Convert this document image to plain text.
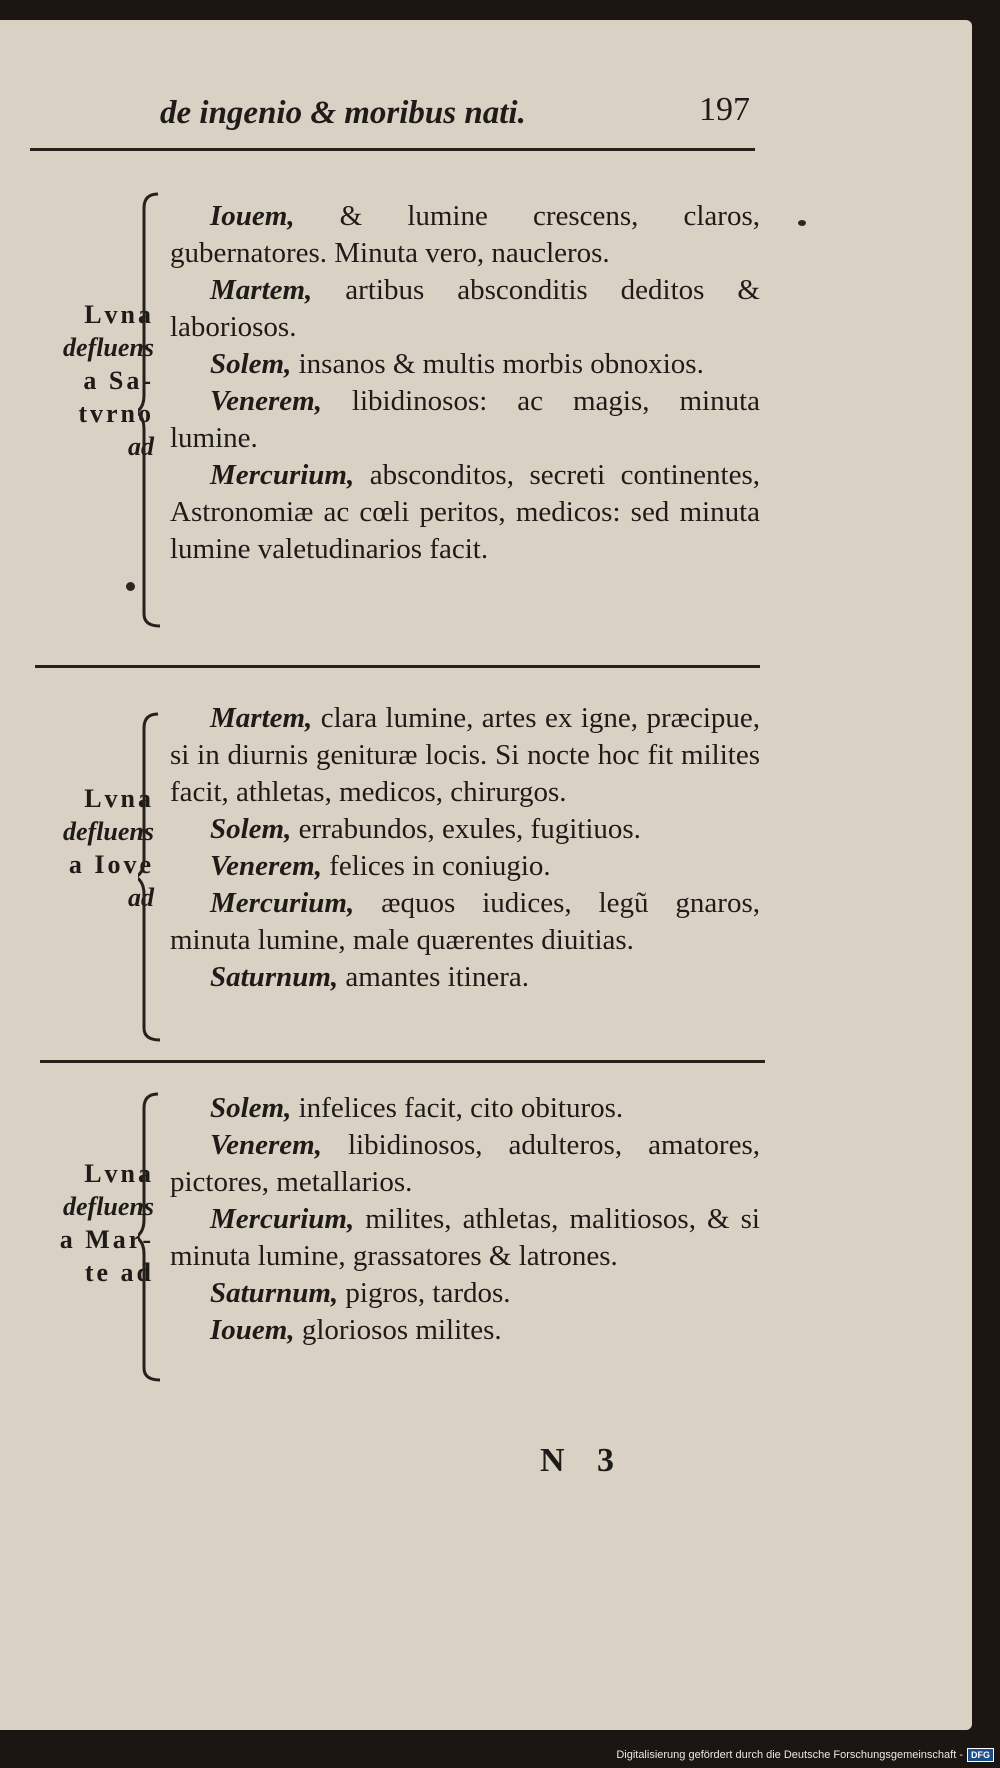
de ingenio & moribus nati.	197
Lvna
defluens
a Sa-
tvrno
ad

Iouem, & lumine crescens, claros, gubernatores. Minuta vero, naucleros.

Martem, artibus absconditis deditos & laboriosos.

Solem, insanos & multis morbis obnoxios.

Venerem, libidinosos: ac magis, minuta lumine.

Mercurium, absconditos, secreti continentes, Astronomiæ ac cœli peritos, medicos: sed minuta lumine valetudinarios facit.

Lvna
defluens
a Iove
ad

Martem, clara lumine, artes ex igne, præcipue, si in diurnis genituræ locis. Si nocte hoc fit milites facit, athletas, medicos, chirurgos.

Solem, errabundos, exules, fugitiuos.

Venerem, felices in coniugio.

Mercurium, æquos iudices, legũ gnaros, minuta lumine, male quærentes diuitias.

Saturnum, amantes itinera.

Lvna
defluens
a Mar-
te ad

Solem, infelices facit, cito obituros.

Venerem, libidinosos, adulteros, amatores, pictores, metallarios.

Mercurium, milites, athletas, malitiosos, & si minuta lumine, grassatores & latrones.

Saturnum, pigros, tardos.

Iouem, gloriosos milites.

N 3
Digitalisierung gefördert durch die Deutsche Forschungsgemeinschaft - DFG
